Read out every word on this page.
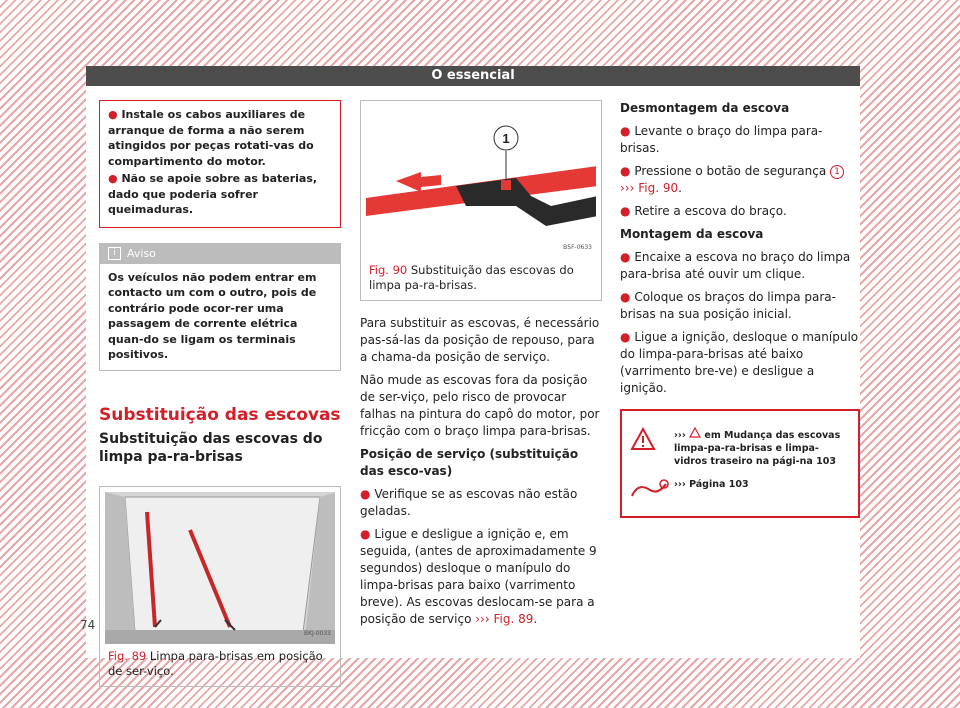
O essencial

● Instale os cabos auxiliares de arranque de forma a não serem atingidos por peças rotati-vas do compartimento do motor.

● Não se apoie sobre as baterias, dado que poderia sofrer queimaduras.

i Aviso
Os veículos não podem entrar em contacto um com o outro, pois de contrário pode ocor-rer uma passagem de corrente elétrica quan-do se ligam os terminais positivos.
Substituição das escovas
Substituição das escovas do limpa pa-ra-brisas
BKJ-0033
Fig. 89 Limpa para-brisas em posição de ser-viço.
1
B5F-0633
Fig. 90 Substituição das escovas do limpa pa-ra-brisas.

Para substituir as escovas, é necessário pas-sá-las da posição de repouso, para a chama-da posição de serviço.

Não mude as escovas fora da posição de ser-viço, pelo risco de provocar falhas na pintura do capô do motor, por fricção com o braço limpa para-brisas.

Posição de serviço (substituição das esco-vas)

● Verifique se as escovas não estão geladas.

● Ligue e desligue a ignição e, em seguida, (antes de aproximadamente 9 segundos) desloque o manípulo do limpa-brisas para baixo (varrimento breve). As escovas deslocam-se para a posição de serviço ››› Fig. 89.

Desmontagem da escova

● Levante o braço do limpa para-brisas.

● Pressione o botão de segurança 1
››› Fig. 90.

● Retire a escova do braço.

Montagem da escova

● Encaixe a escova no braço do limpa para-brisa até ouvir um clique.

● Coloque os braços do limpa para-brisas na sua posição inicial.

● Ligue a ignição, desloque o manípulo do limpa-para-brisas até baixo (varrimento bre-ve) e desligue a ignição.

››› em Mudança das escovas limpa-pa-ra-brisas e limpa-vidros traseiro na pági-na 103
››› Página 103
74
